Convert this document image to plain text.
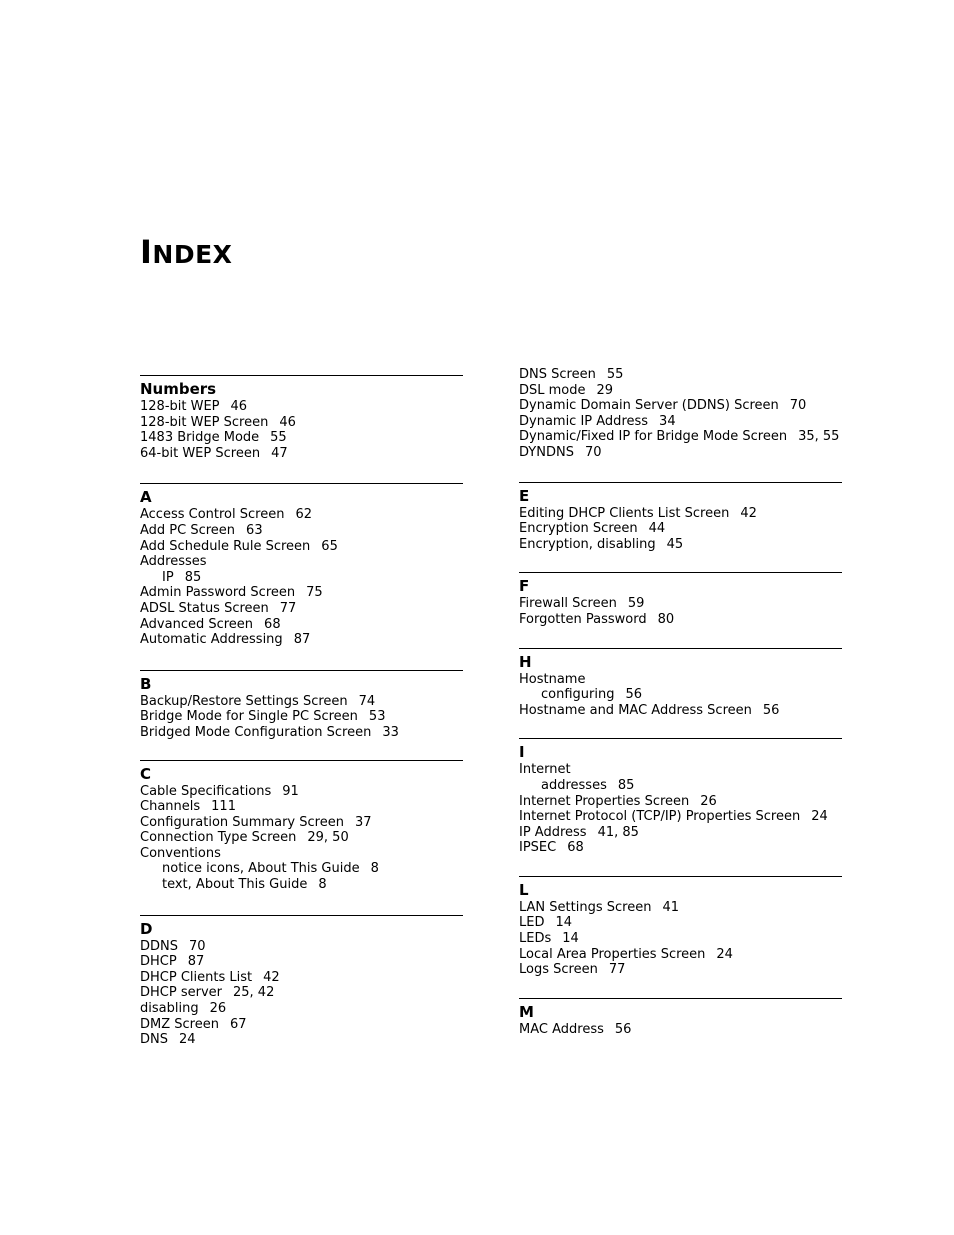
INDEX
Numbers
128-bit WEP 46
128-bit WEP Screen 46
1483 Bridge Mode 55
64-bit WEP Screen 47
A
Access Control Screen 62
Add PC Screen 63
Add Schedule Rule Screen 65
Addresses
IP 85
Admin Password Screen 75
ADSL Status Screen 77
Advanced Screen 68
Automatic Addressing 87
B
Backup/Restore Settings Screen 74
Bridge Mode for Single PC Screen 53
Bridged Mode Configuration Screen 33
C
Cable Specifications 91
Channels 111
Configuration Summary Screen 37
Connection Type Screen 29, 50
Conventions
notice icons, About This Guide 8
text, About This Guide 8
D
DDNS 70
DHCP 87
DHCP Clients List 42
DHCP server 25, 42
disabling 26
DMZ Screen 67
DNS 24
DNS Screen 55
DSL mode 29
Dynamic Domain Server (DDNS) Screen 70
Dynamic IP Address 34
Dynamic/Fixed IP for Bridge Mode Screen 35, 55
DYNDNS 70
E
Editing DHCP Clients List Screen 42
Encryption Screen 44
Encryption, disabling 45
F
Firewall Screen 59
Forgotten Password 80
H
Hostname
configuring 56
Hostname and MAC Address Screen 56
I
Internet
addresses 85
Internet Properties Screen 26
Internet Protocol (TCP/IP) Properties Screen 24
IP Address 41, 85
IPSEC 68
L
LAN Settings Screen 41
LED 14
LEDs 14
Local Area Properties Screen 24
Logs Screen 77
M
MAC Address 56
